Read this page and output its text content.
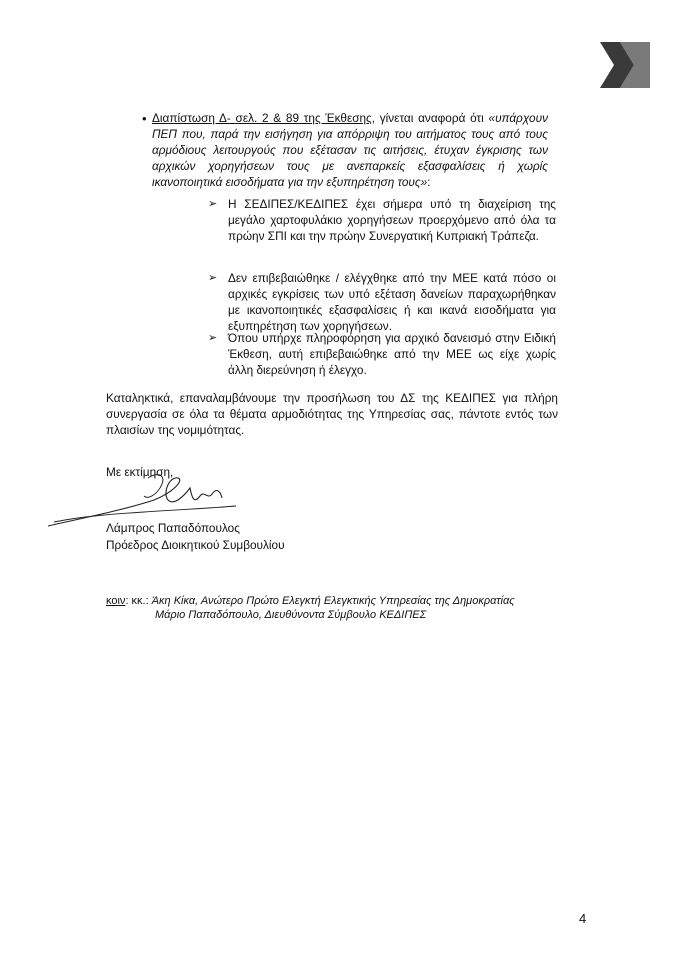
• Διαπίστωση Δ- σελ. 2 & 89 της Έκθεσης, γίνεται αναφορά ότι «υπάρχουν ΠΕΠ που, παρά την εισήγηση για απόρριψη του αιτήματος τους από τους αρμόδιους λειτουργούς που εξέτασαν τις αιτήσεις, έτυχαν έγκρισης των αρχικών χορηγήσεων τους με ανεπαρκείς εξασφαλίσεις ή χωρίς ικανοποιητικά εισοδήματα για την εξυπηρέτηση τους»:

➢ Η ΣΕΔΙΠΕΣ/ΚΕΔΙΠΕΣ έχει σήμερα υπό τη διαχείριση της μεγάλο χαρτοφυλάκιο χορηγήσεων προερχόμενο από όλα τα πρώην ΣΠΙ και την πρώην Συνεργατική Κυπριακή Τράπεζα.

➢ Δεν επιβεβαιώθηκε / ελέγχθηκε από την ΜΕΕ κατά πόσο οι αρχικές εγκρίσεις των υπό εξέταση δανείων παραχωρήθηκαν με ικανοποιητικές εξασφαλίσεις ή και ικανά εισοδήματα για εξυπηρέτηση των χορηγήσεων.

➢ Όπου υπήρχε πληροφόρηση για αρχικό δανεισμό στην Ειδική Έκθεση, αυτή επιβεβαιώθηκε από την ΜΕΕ ως είχε χωρίς άλλη διερεύνηση ή έλεγχο.

Καταληκτικά, επαναλαμβάνουμε την προσήλωση του ΔΣ της ΚΕΔΙΠΕΣ για πλήρη συνεργασία σε όλα τα θέματα αρμοδιότητας της Υπηρεσίας σας, πάντοτε εντός των πλαισίων της νομιμότητας.

Με εκτίμηση,
Λάμπρος Παπαδόπουλος
Πρόεδρος Διοικητικού Συμβουλίου
κοιν: κκ.: Άκη Κίκα, Ανώτερο Πρώτο Ελεγκτή Ελεγκτικής Υπηρεσίας της Δημοκρατίας
Μάριο Παπαδόπουλο, Διευθύνοντα Σύμβουλο ΚΕΔΙΠΕΣ
4
